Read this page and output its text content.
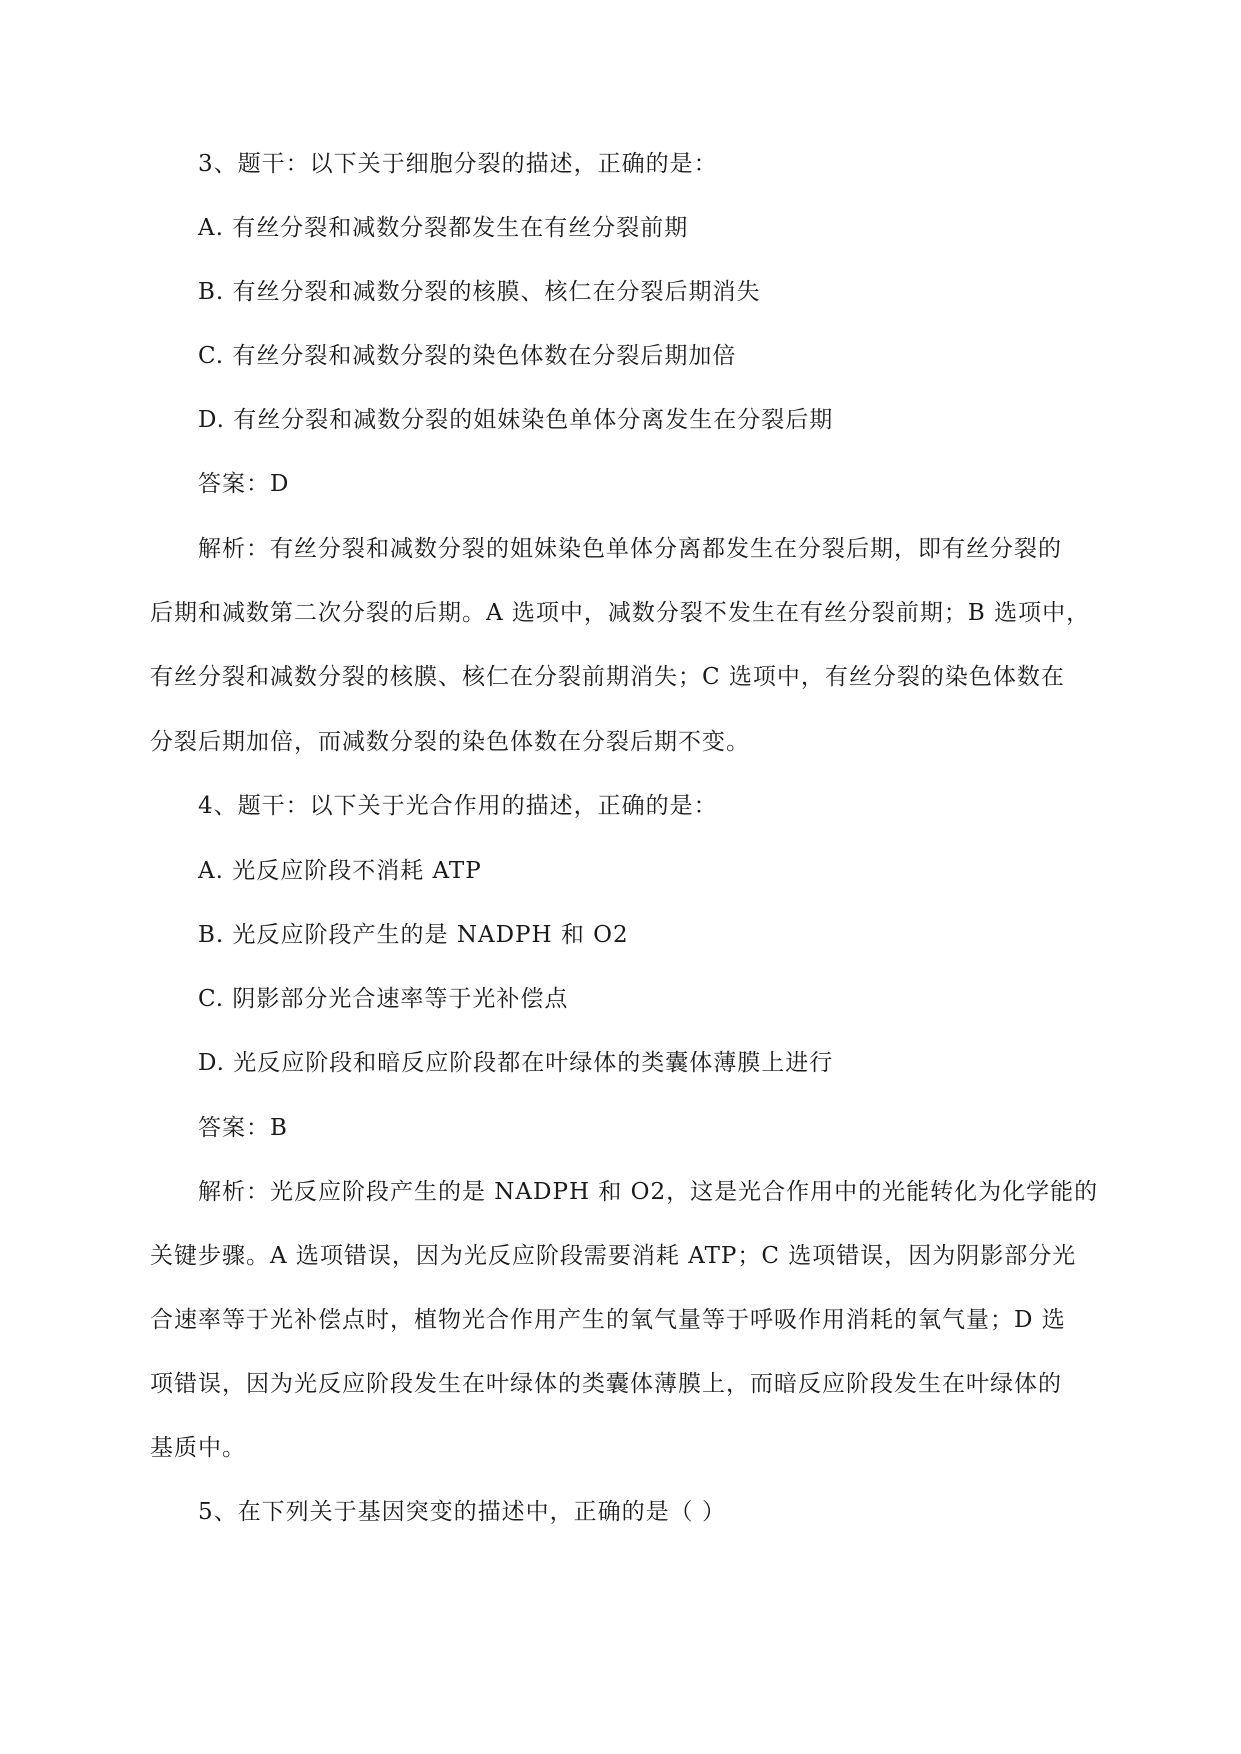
3、题干：以下关于细胞分裂的描述，正确的是：
A. 有丝分裂和减数分裂都发生在有丝分裂前期
B. 有丝分裂和减数分裂的核膜、核仁在分裂后期消失
C. 有丝分裂和减数分裂的染色体数在分裂后期加倍
D. 有丝分裂和减数分裂的姐妹染色单体分离发生在分裂后期
答案：D
解析：有丝分裂和减数分裂的姐妹染色单体分离都发生在分裂后期，即有丝分裂的
后期和减数第二次分裂的后期。A 选项中，减数分裂不发生在有丝分裂前期；B 选项中，
有丝分裂和减数分裂的核膜、核仁在分裂前期消失；C 选项中，有丝分裂的染色体数在
分裂后期加倍，而减数分裂的染色体数在分裂后期不变。
4、题干：以下关于光合作用的描述，正确的是：
A. 光反应阶段不消耗 ATP
B. 光反应阶段产生的是 NADPH 和 O2
C. 阴影部分光合速率等于光补偿点
D. 光反应阶段和暗反应阶段都在叶绿体的类囊体薄膜上进行
答案：B
解析：光反应阶段产生的是 NADPH 和 O2，这是光合作用中的光能转化为化学能的
关键步骤。A 选项错误，因为光反应阶段需要消耗 ATP；C 选项错误，因为阴影部分光
合速率等于光补偿点时，植物光合作用产生的氧气量等于呼吸作用消耗的氧气量；D 选
项错误，因为光反应阶段发生在叶绿体的类囊体薄膜上，而暗反应阶段发生在叶绿体的
基质中。
5、在下列关于基因突变的描述中，正确的是（ ）
